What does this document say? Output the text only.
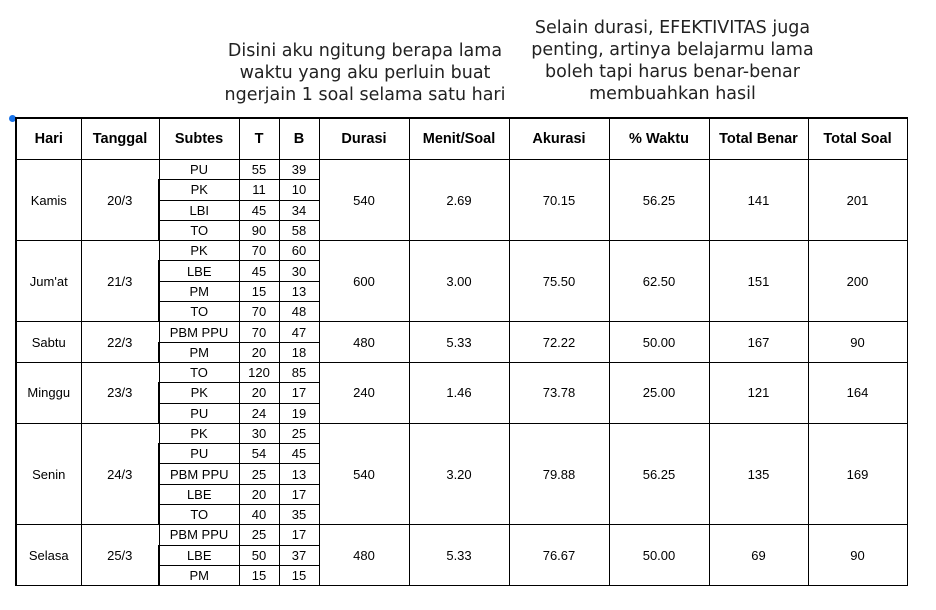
Disini aku ngitung berapa lama
waktu yang aku perluin buat
ngerjain 1 soal selama satu hari
Selain durasi, EFEKTIVITAS juga
penting, artinya belajarmu lama
boleh tapi harus benar-benar
membuahkan hasil
Hari	Tanggal	Subtes	T	B	Durasi	Menit/Soal	Akurasi	% Waktu	Total Benar	Total Soal
Kamis	20/3	PU	55	39	540	2.69	70.15	56.25	141	201
		PK	11	10						
		LBI	45	34						
		TO	90	58						
Jum'at	21/3	PK	70	60	600	3.00	75.50	62.50	151	200
		LBE	45	30						
		PM	15	13						
		TO	70	48						
Sabtu	22/3	PBM PPU	70	47	480	5.33	72.22	50.00	167	90
		PM	20	18						
Minggu	23/3	TO	120	85	240	1.46	73.78	25.00	121	164
		PK	20	17						
		PU	24	19						
Senin	24/3	PK	30	25	540	3.20	79.88	56.25	135	169
		PU	54	45						
		PBM PPU	25	13						
		LBE	20	17						
		TO	40	35						
Selasa	25/3	PBM PPU	25	17	480	5.33	76.67	50.00	69	90
		LBE	50	37						
		PM	15	15						
